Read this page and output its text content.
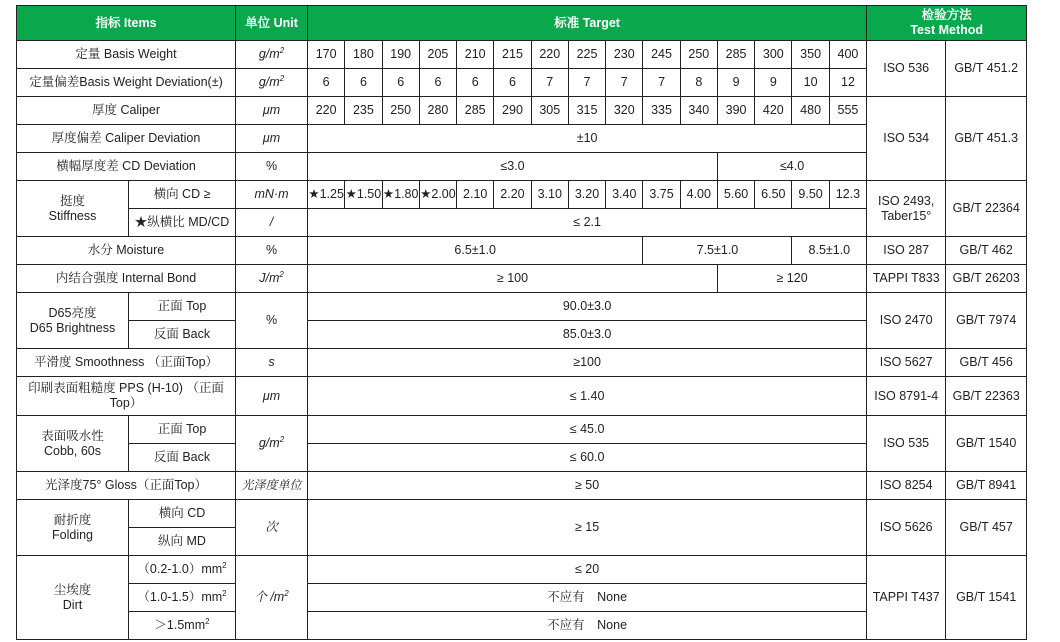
指标 Items		单位 Unit	标准 Target															检验方法
Test Method	
定量 Basis Weight		$g/m^2$	170	180	190	205	210	215	220	225	230	245	250	285	300	350	400	ISO 536	GB/T 451.2
定量偏差Basis Weight Deviation(±)		$g/m^2$	6	6	6	6	6	6	7	7	7	7	8	9	9	10	12		
厚度 Caliper		μm	220	235	250	280	285	290	305	315	320	335	340	390	420	480	555	ISO 534	GB/T 451.3
厚度偏差 Caliper Deviation		μm	±10																
横幅厚度差 CD Deviation		%	≤3.0											≤4.0					
挺度
Stiffness	横向 CD ≥	mN·m	★1.25	★1.50	★1.80	★2.00	2.10	2.20	3.10	3.20	3.40	3.75	4.00	5.60	6.50	9.50	12.3	ISO 2493,
Taber15°	GB/T 22364
	★纵横比 MD/CD	/	≤ 2.1																
水分 Moisture		%	6.5±1.0									7.5±1.0				8.5±1.0		ISO 287	GB/T 462
内结合强度 Internal Bond		$J/m^2$	≥ 100											≥ 120				TAPPI T833	GB/T 26203
D65亮度
D65 Brightness	正面 Top	%	90.0±3.0															ISO 2470	GB/T 7974
	反面 Back		85.0±3.0																
平滑度 Smoothness （正面Top）		s	≥100															ISO 5627	GB/T 456
印刷表面粗糙度 PPS (H-10) （正面Top）		μm	≤ 1.40															ISO 8791-4	GB/T 22363
表面吸水性
Cobb, 60s	正面 Top	$g/m^2$	≤ 45.0															ISO 535	GB/T 1540
	反面 Back		≤ 60.0																
光泽度75° Gloss（正面Top）		光泽度单位	≥ 50															ISO 8254	GB/T 8941
耐折度
Folding	横向 CD	次	≥ 15															ISO 5626	GB/T 457
	纵向 MD																		
尘埃度
Dirt	$(0.2-1.0)mm^2$	个 $/m^2$	≤ 20															TAPPI T437	GB/T 1541
	$(1.0-1.5)mm^2$		不应有　None																
	$>1.5mm^2$		不应有　None																
